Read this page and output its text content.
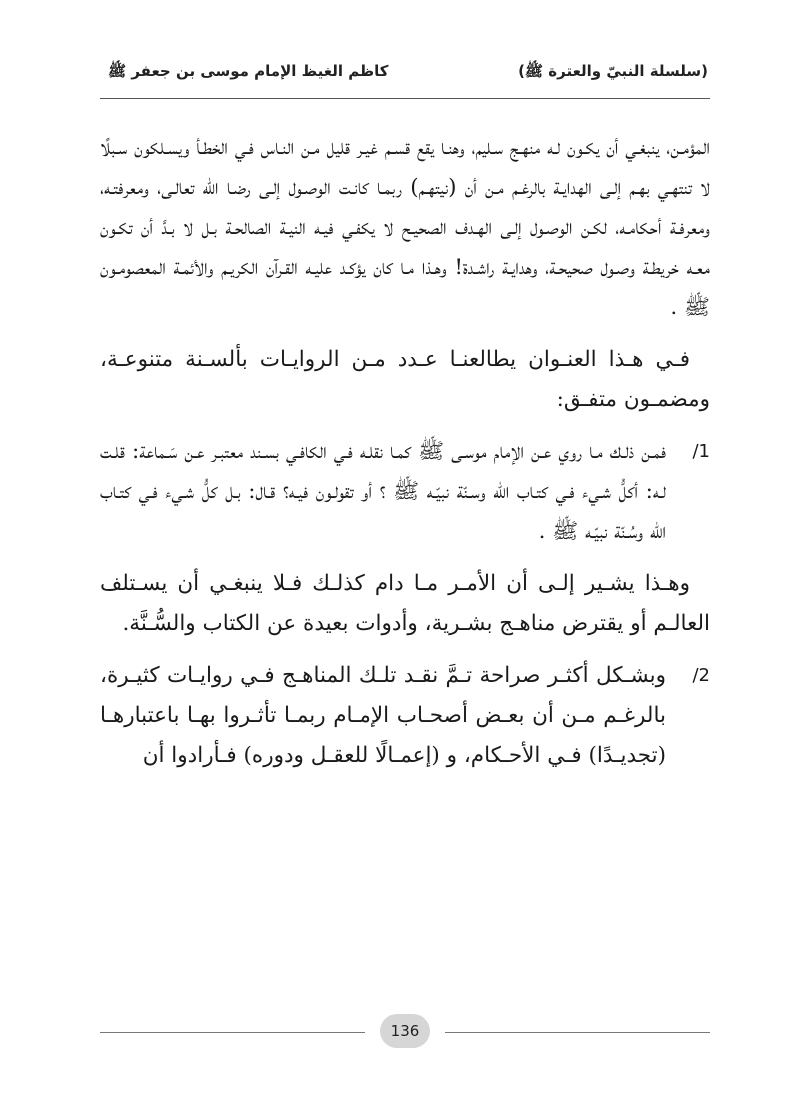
(سلسلة النبيّ والعترة ﷺ)
كاظم الغيظ الإمام موسى بن جعفر ﷺ

المؤمـن، ينبغـي أن يكـون لـه منهـج سـليم، وهنـا يقع قسـم غيـر قليل مـن النـاس فـي الخطـأ ويسـلكون سـبلًا لا تنتهـي بهـم إلـى الهدايـة بالرغـم مـن أن (نيتهـم) ربمـا كانـت الوصـول إلـى رضـا الله تعالـى، ومعرفتـه، ومعرفـة أحكامـه، لكـن الوصـول إلـى الهـدف الصحيـح لا يكفـي فيـه النيـة الصالحـة بـل لا بـدَّ أن تكـون معـه خريطـة وصـول صحيحـة، وهدايـة راشـدة! وهـذا مـا كان يؤكـد عليـه القـرآن الكريـم والأئمـة المعصومـون ﷺ .

فـي هـذا العنـوان يطالعنـا عـدد مـن الروايـات بألسـنة متنوعـة، ومضمـون متفـق:

/1
فمـن ذلـك مـا روي عـن الإمام موسـى ﷺ كمـا نقلـه فـي الكافـي بسـند معتبـر عـن سَـماعة: قلـت لـه: أكلُّ شـيء فـي كتـاب الله وسـنّة نبيّـه ﷺ ؟ أو تقولـون فيـه؟ قـال: بـل كلُّ شـيء فـي كتـاب الله وسُـنّة نبيّـه ﷺ .

وهـذا يشـير إلـى أن الأمـر مـا دام كذلـك فـلا ينبغـي أن يسـتلف العالـم أو يقترض مناهـج بشـرية، وأدوات بعيدة عن الكتاب والسُّـنَّة.

/2
وبشـكل أكثـر صراحة تـمَّ نقـد تلـك المناهـج فـي روايـات كثيـرة، بالرغـم مـن أن بعـض أصحـاب الإمـام ربمـا تأثـروا بهـا باعتبارهـا (تجديـدًا) فـي الأحـكام، و (إعمـالًا للعقـل ودوره) فـأرادوا أن
136
